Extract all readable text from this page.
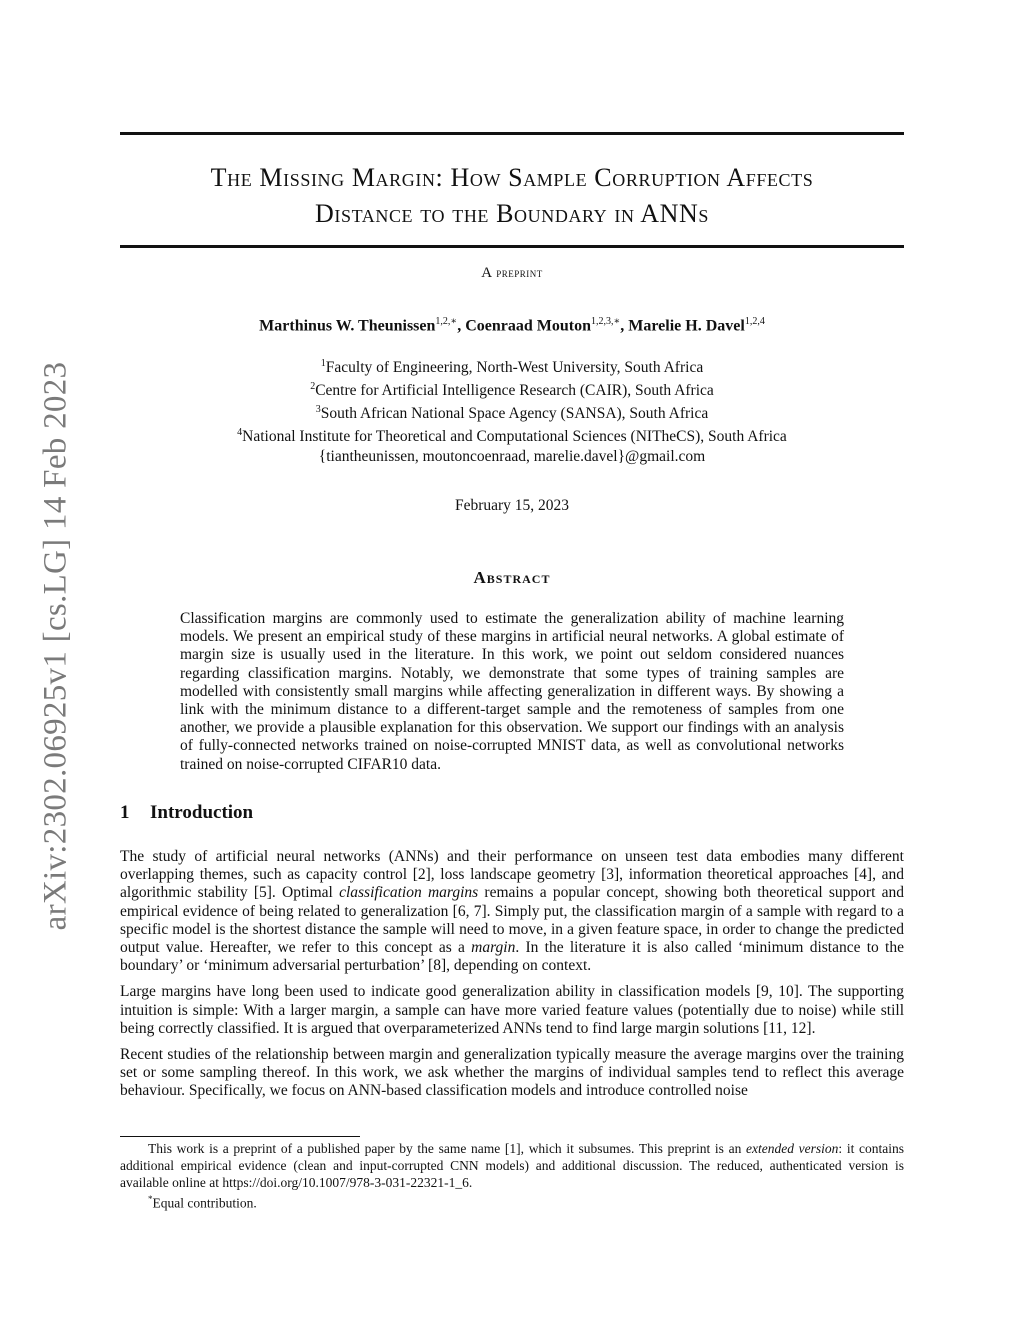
arXiv:2302.06925v1 [cs.LG] 14 Feb 2023
The Missing Margin: How Sample Corruption Affects
Distance to the Boundary in ANNs
A preprint
Marthinus W. Theunissen$^{1,2,∗}$, Coenraad Mouton$^{1,2,3,∗}$, Marelie H. Davel$^{1,2,4}$
$^1$Faculty of Engineering, North-West University, South Africa
$^2$Centre for Artificial Intelligence Research (CAIR), South Africa
$^3$South African National Space Agency (SANSA), South Africa
$^4$National Institute for Theoretical and Computational Sciences (NITheCS), South Africa
{tiantheunissen, moutoncoenraad, marelie.davel}@gmail.com
February 15, 2023
Abstract
Classification margins are commonly used to estimate the generalization ability of machine learning models. We present an empirical study of these margins in artificial neural networks. A global estimate of margin size is usually used in the literature. In this work, we point out seldom considered nuances regarding classification margins. Notably, we demonstrate that some types of training samples are modelled with consistently small margins while affecting generalization in different ways. By showing a link with the minimum distance to a different-target sample and the remoteness of samples from one another, we provide a plausible explanation for this observation. We support our findings with an analysis of fully-connected networks trained on noise-corrupted MNIST data, as well as convolutional networks trained on noise-corrupted CIFAR10 data.
1 Introduction

The study of artificial neural networks (ANNs) and their performance on unseen test data embodies many different overlapping themes, such as capacity control [2], loss landscape geometry [3], information theoretical approaches [4], and algorithmic stability [5]. Optimal classification margins remains a popular concept, showing both theoretical support and empirical evidence of being related to generalization [6, 7]. Simply put, the classification margin of a sample with regard to a specific model is the shortest distance the sample will need to move, in a given feature space, in order to change the predicted output value. Hereafter, we refer to this concept as a margin. In the literature it is also called ‘minimum distance to the boundary’ or ‘minimum adversarial perturbation’ [8], depending on context.

Large margins have long been used to indicate good generalization ability in classification models [9, 10]. The supporting intuition is simple: With a larger margin, a sample can have more varied feature values (potentially due to noise) while still being correctly classified. It is argued that overparameterized ANNs tend to find large margin solutions [11, 12].

Recent studies of the relationship between margin and generalization typically measure the average margins over the training set or some sampling thereof. In this work, we ask whether the margins of individual samples tend to reflect this average behaviour. Specifically, we focus on ANN-based classification models and introduce controlled noise

This work is a preprint of a published paper by the same name [1], which it subsumes. This preprint is an extended version: it contains additional empirical evidence (clean and input-corrupted CNN models) and additional discussion. The reduced, authenticated version is available online at https://doi.org/10.1007/978-3-031-22321-1_6.

*Equal contribution.
